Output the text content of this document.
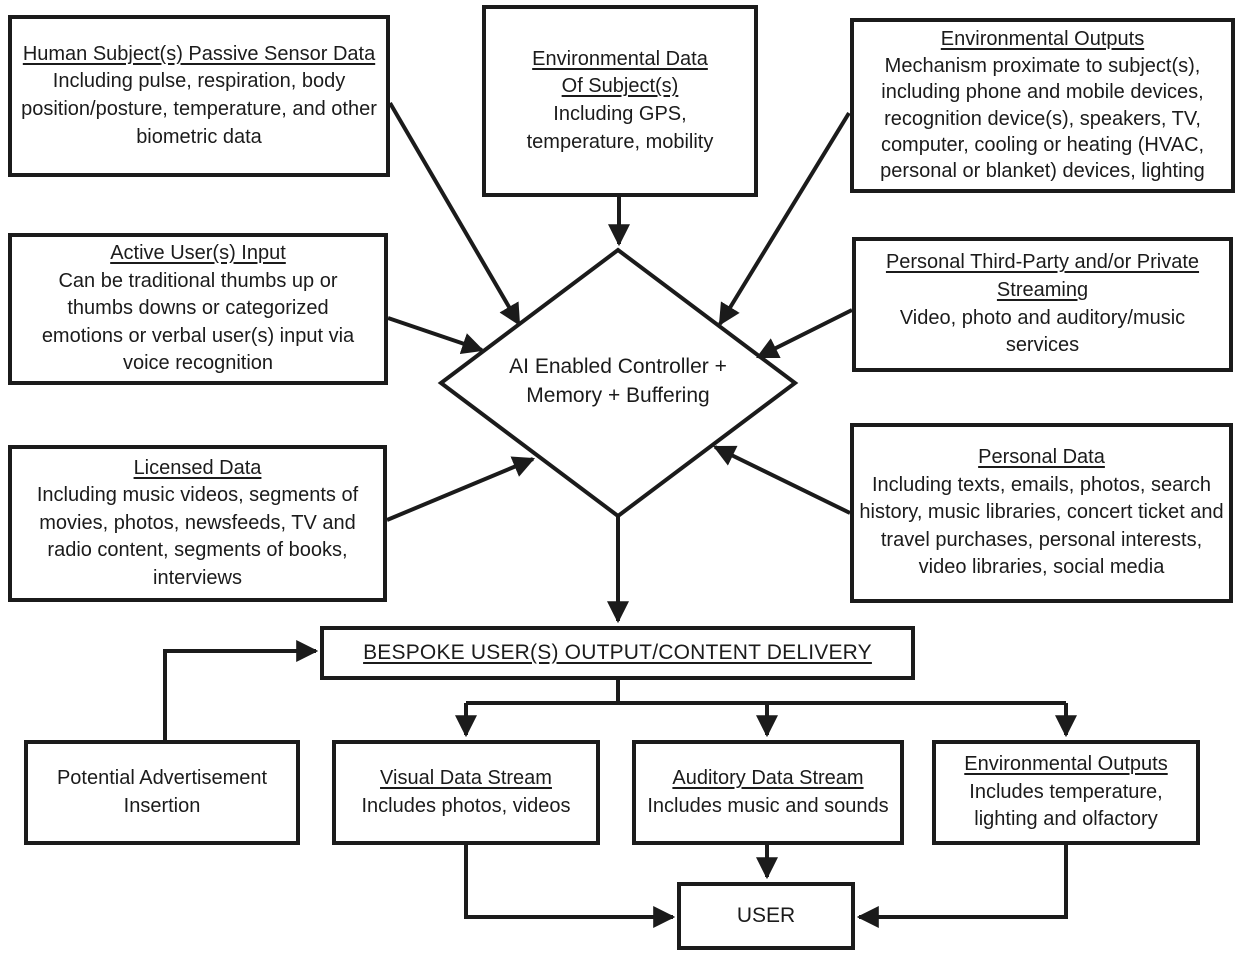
Human Subject(s) Passive Sensor Data
Including pulse, respiration, body position/posture, temperature, and other biometric data
Environmental Data
Of Subject(s)
Including GPS,
temperature, mobility
Environmental Outputs
Mechanism proximate to subject(s), including phone and mobile devices, recognition device(s), speakers, TV, computer, cooling or heating (HVAC, personal or blanket) devices, lighting
Active User(s) Input
Can be traditional thumbs up or thumbs downs or categorized emotions or verbal user(s) input via voice recognition
Personal Third-Party and/or Private Streaming
Video, photo and auditory/music services
Licensed Data
Including music videos, segments of movies, photos, newsfeeds, TV and radio content, segments of books, interviews
Personal Data
Including texts, emails, photos, search history, music libraries, concert ticket and travel purchases, personal interests, video libraries, social media
AI Enabled Controller +
Memory + Buffering
BESPOKE USER(S) OUTPUT/CONTENT DELIVERY
Potential Advertisement Insertion
Visual Data Stream
Includes photos, videos
Auditory Data Stream
Includes music and sounds
Environmental Outputs
Includes temperature,
lighting and olfactory
USER
